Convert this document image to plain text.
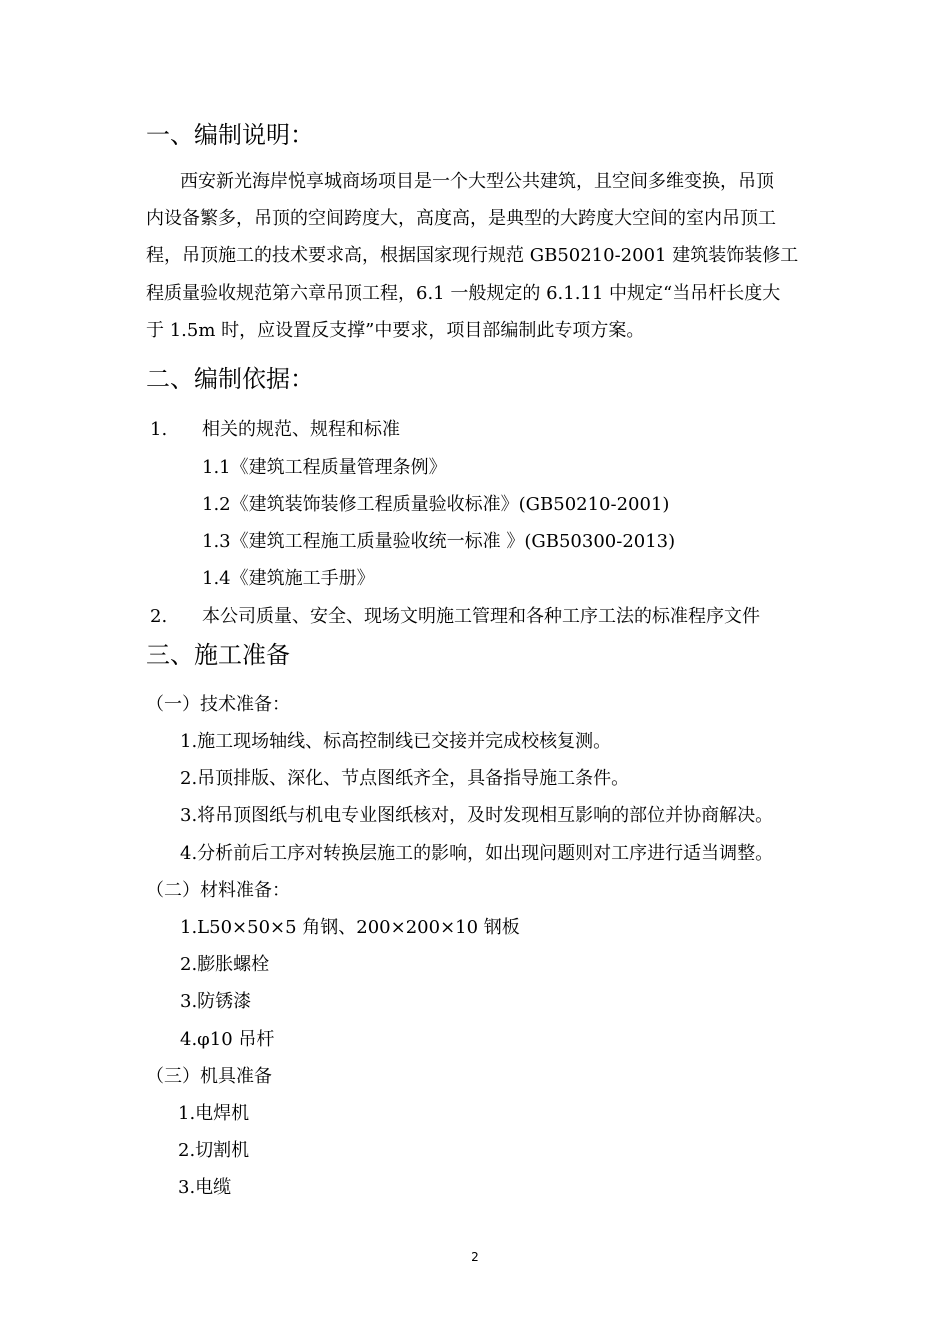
一、编制说明：
西安新光海岸悦享城商场项目是一个大型公共建筑，且空间多维变换，吊顶
内设备繁多，吊顶的空间跨度大，高度高，是典型的大跨度大空间的室内吊顶工
程，吊顶施工的技术要求高，根据国家现行规范 GB50210-2001 建筑装饰装修工
程质量验收规范第六章吊顶工程，6.1 一般规定的 6.1.11 中规定“当吊杆长度大
于 1.5m 时，应设置反支撑”中要求，项目部编制此专项方案。
二、编制依据：
1. 相关的规范、规程和标准
1.1《建筑工程质量管理条例》
1.2《建筑装饰装修工程质量验收标准》(GB50210-2001)
1.3《建筑工程施工质量验收统一标准 》(GB50300-2013)
1.4《建筑施工手册》
2. 本公司质量、安全、现场文明施工管理和各种工序工法的标准程序文件
三、施工准备
（一）技术准备：
1.施工现场轴线、标高控制线已交接并完成校核复测。
2.吊顶排版、深化、节点图纸齐全，具备指导施工条件。
3.将吊顶图纸与机电专业图纸核对，及时发现相互影响的部位并协商解决。
4.分析前后工序对转换层施工的影响，如出现问题则对工序进行适当调整。
（二）材料准备：
1.L50×50×5 角钢、200×200×10 钢板
2.膨胀螺栓
3.防锈漆
4.φ10 吊杆
（三）机具准备
1.电焊机
2.切割机
3.电缆
2
